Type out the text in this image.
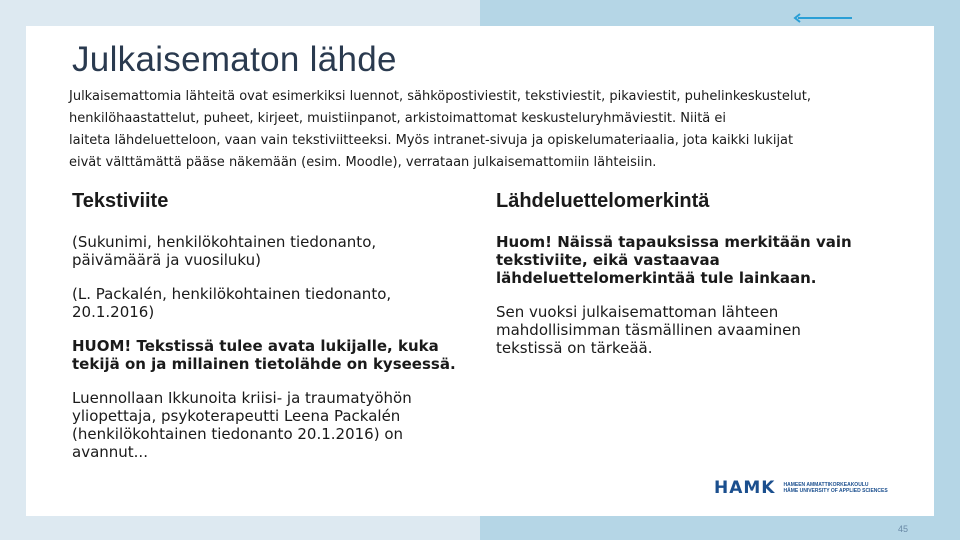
Julkaisematon lähde

Julkaisemattomia lähteitä ovat esimerkiksi luennot, sähköpostiviestit, tekstiviestit, pikaviestit, puhelinkeskustelut,

henkilöhaastattelut, puheet, kirjeet, muistiinpanot, arkistoimattomat keskusteluryhmäviestit. Niitä ei

laiteta lähdeluetteloon, vaan vain tekstiviitteeksi. Myös intranet-sivuja ja opiskelumateriaalia, jota kaikki lukijat

eivät välttämättä pääse näkemään (esim. Moodle), verrataan julkaisemattomiin lähteisiin.

Tekstiviite

(Sukunimi, henkilökohtainen tiedonanto, päivämäärä ja vuosiluku)

(L. Packalén, henkilökohtainen tiedonanto, 20.1.2016)

HUOM! Tekstissä tulee avata lukijalle, kuka tekijä on ja millainen tietolähde on kyseessä.

Luennollaan Ikkunoita kriisi- ja traumatyöhön yliopettaja, psykoterapeutti Leena Packalén (henkilökohtainen tiedonanto 20.1.2016) on avannut...

Lähdeluettelomerkintä

Huom! Näissä tapauksissa merkitään vain tekstiviite, eikä vastaavaa lähdeluettelomerkintää tule lainkaan.

Sen vuoksi julkaisemattoman lähteen mahdollisimman täsmällinen avaaminen tekstissä on tärkeää.

HAMK HAMEEN AMMATTIKORKEAKOULU
HÄME UNIVERSITY OF APPLIED SCIENCES
45
